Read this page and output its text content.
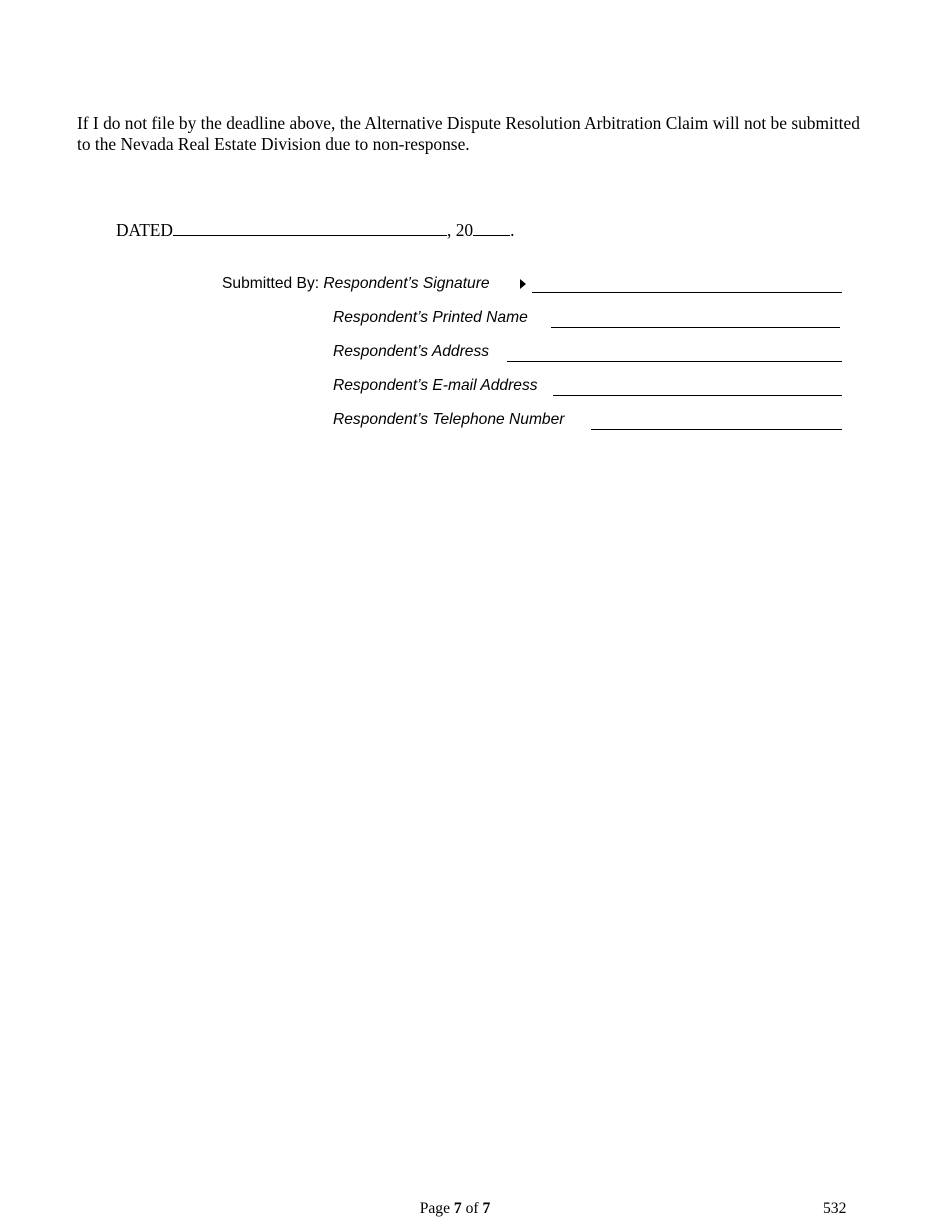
If I do not file by the deadline above, the Alternative Dispute Resolution Arbitration Claim will not be submitted to the Nevada Real Estate Division due to non-response.
DATED	, 20 .
Submitted By: Respondent’s Signature
Respondent’s Printed Name
Respondent’s Address
Respondent’s E-mail Address
Respondent’s Telephone Number
Page 7 of 7	532
